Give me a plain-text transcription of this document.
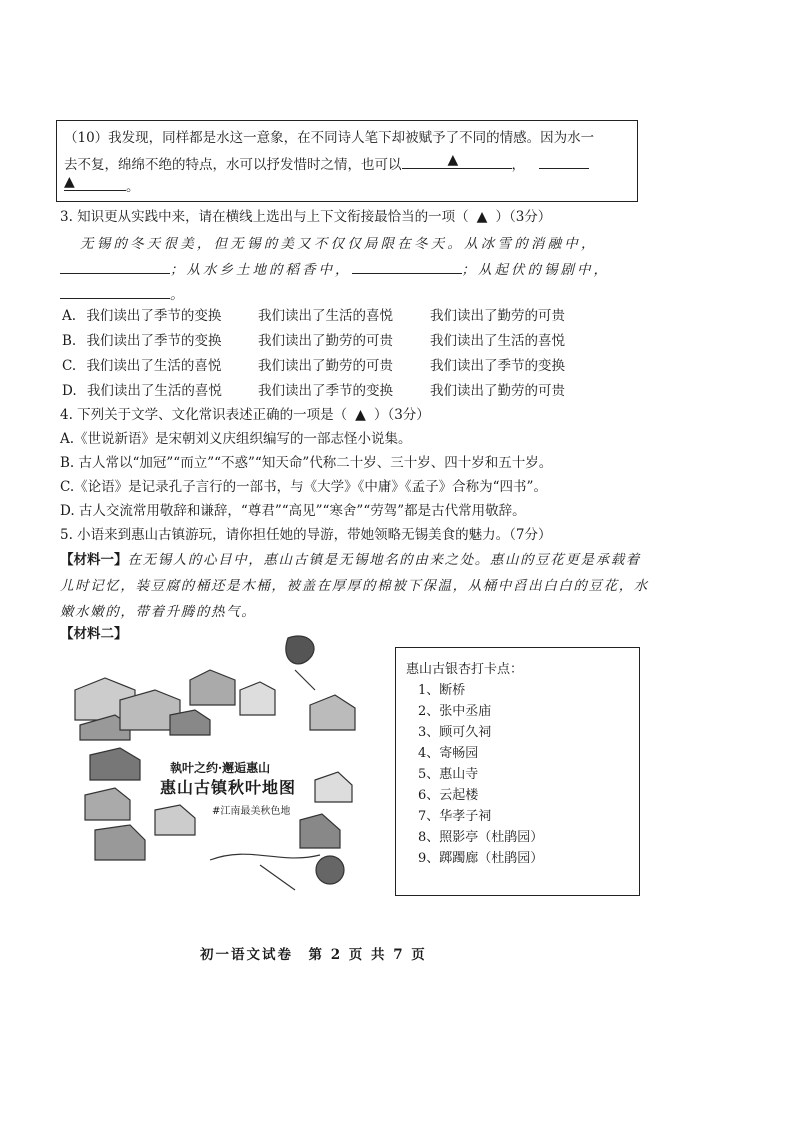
（10）我发现，同样都是水这一意象，在不同诗人笔下却被赋予了不同的情感。因为水一
去不复，绵绵不绝的特点，水可以抒发惜时之情，也可以	▲	，
▲	。
3. 知识更从实践中来，请在横线上选出与上下文衔接最恰当的一项（ ▲ ）（3分）
无锡的冬天很美，但无锡的美又不仅仅局限在冬天。从冰雪的消融中，
；从水乡土地的稻香中，	；从起伏的锡剧中，
。
A. 我们读出了季节的变换	我们读出了生活的喜悦	我们读出了勤劳的可贵
B. 我们读出了季节的变换	我们读出了勤劳的可贵	我们读出了生活的喜悦
C. 我们读出了生活的喜悦	我们读出了勤劳的可贵	我们读出了季节的变换
D. 我们读出了生活的喜悦	我们读出了季节的变换	我们读出了勤劳的可贵
4. 下列关于文学、文化常识表述正确的一项是（ ▲ ）（3分）
A.《世说新语》是宋朝刘义庆组织编写的一部志怪小说集。
B. 古人常以“加冠”“而立”“不惑”“知天命”代称二十岁、三十岁、四十岁和五十岁。
C.《论语》是记录孔子言行的一部书，与《大学》《中庸》《孟子》合称为“四书”。
D. 古人交流常用敬辞和谦辞，“尊君”“高见”“寒舍”“劳驾”都是古代常用敬辞。
5. 小语来到惠山古镇游玩，请你担任她的导游，带她领略无锡美食的魅力。（7分）
【材料一】在无锡人的心目中，惠山古镇是无锡地名的由来之处。惠山的豆花更是承载着
儿时记忆，装豆腐的桶还是木桶，被盖在厚厚的棉被下保温，从桶中舀出白白的豆花，水
嫩水嫩的，带着升腾的热气。
【材料二】
執叶之约·邂逅惠山
惠山古镇秋叶地图
#江南最美秋色地
惠山古银杏打卡点：
1、断桥
2、张中丞庙
3、顾可久祠
4、寄畅园
5、惠山寺
6、云起楼
7、华孝子祠
8、照影亭（杜鹃园）
9、踯躅廊（杜鹃园）
初一语文试卷　第 2 页 共 7 页
